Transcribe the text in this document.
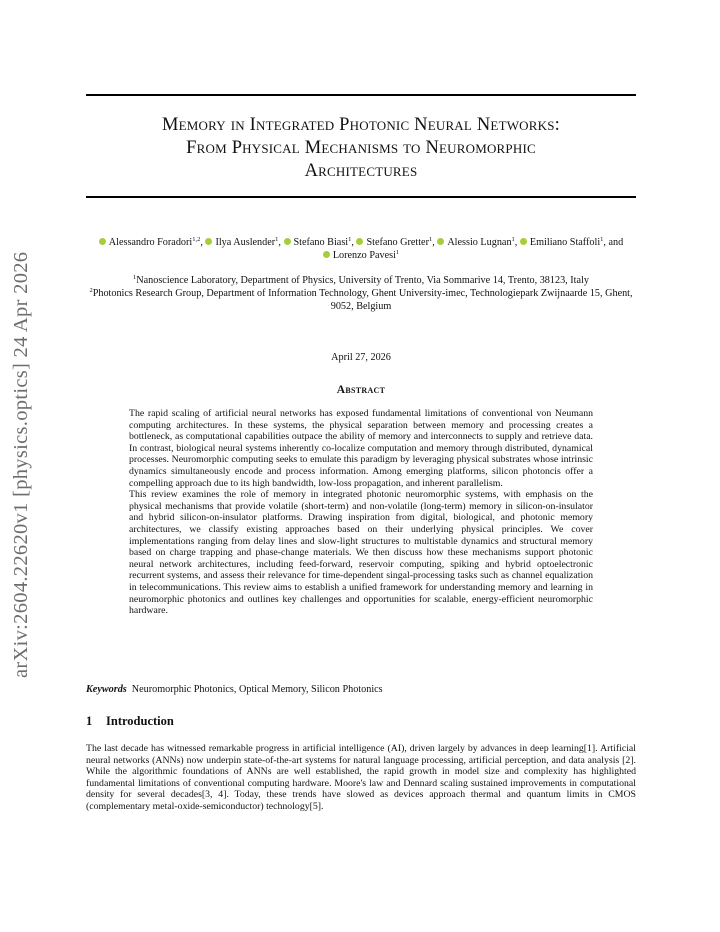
arXiv:2604.22620v1 [physics.optics] 24 Apr 2026
Memory in Integrated Photonic Neural Networks:
From Physical Mechanisms to Neuromorphic
Architectures
Alessandro Foradori$^{1,2}$, Ilya Auslender$^1$, Stefano Biasi$^1$, Stefano Gretter$^1$, Alessio Lugnan$^1$, Emiliano Staffoli$^1$, and Lorenzo Pavesi$^1$
$^1$Nanoscience Laboratory, Department of Physics, University of Trento, Via Sommarive 14, Trento, 38123, Italy
$^2$Photonics Research Group, Department of Information Technology, Ghent University-imec, Technologiepark Zwijnaarde 15, Ghent, 9052, Belgium
April 27, 2026
Abstract

The rapid scaling of artificial neural networks has exposed fundamental limitations of conventional von Neumann computing architectures. In these systems, the physical separation between memory and processing creates a bottleneck, as computational capabilities outpace the ability of memory and interconnects to supply and retrieve data. In contrast, biological neural systems inherently co-localize computation and memory through distributed, dynamical processes. Neuromorphic computing seeks to emulate this paradigm by leveraging physical substrates whose intrinsic dynamics simultaneously encode and process information. Among emerging platforms, silicon photoncis offer a compelling approach due to its high bandwidth, low-loss propagation, and inherent parallelism.

This review examines the role of memory in integrated photonic neuromorphic systems, with emphasis on the physical mechanisms that provide volatile (short-term) and non-volatile (long-term) memory in silicon-on-insulator and hybrid silicon-on-insulator platforms. Drawing inspiration from digital, biological, and photonic memory architectures, we classify existing approaches based on their underlying physical principles. We cover implementations ranging from delay lines and slow-light structures to multistable dynamics and structural memory based on charge trapping and phase-change materials. We then discuss how these mechanisms support photonic neural network architectures, including feed-forward, reservoir computing, spiking and hybrid optoelectronic recurrent systems, and assess their relevance for time-dependent singal-processing tasks such as channel equalization in telecommunications. This review aims to establish a unified framework for understanding memory and learning in neuromorphic photonics and outlines key challenges and opportunities for scalable, energy-efficient neuromorphic hardware.

Keywords Neuromorphic Photonics, Optical Memory, Silicon Photonics
1 Introduction

The last decade has witnessed remarkable progress in artificial intelligence (AI), driven largely by advances in deep learning[1]. Artificial neural networks (ANNs) now underpin state-of-the-art systems for natural language processing, artificial perception, and data analysis [2]. While the algorithmic foundations of ANNs are well established, the rapid growth in model size and complexity has highlighted fundamental limitations of conventional computing hardware. Moore's law and Dennard scaling sustained improvements in computational density for several decades[3, 4]. Today, these trends have slowed as devices approach thermal and quantum limits in CMOS (complementary metal-oxide-semiconductor) technology[5].
